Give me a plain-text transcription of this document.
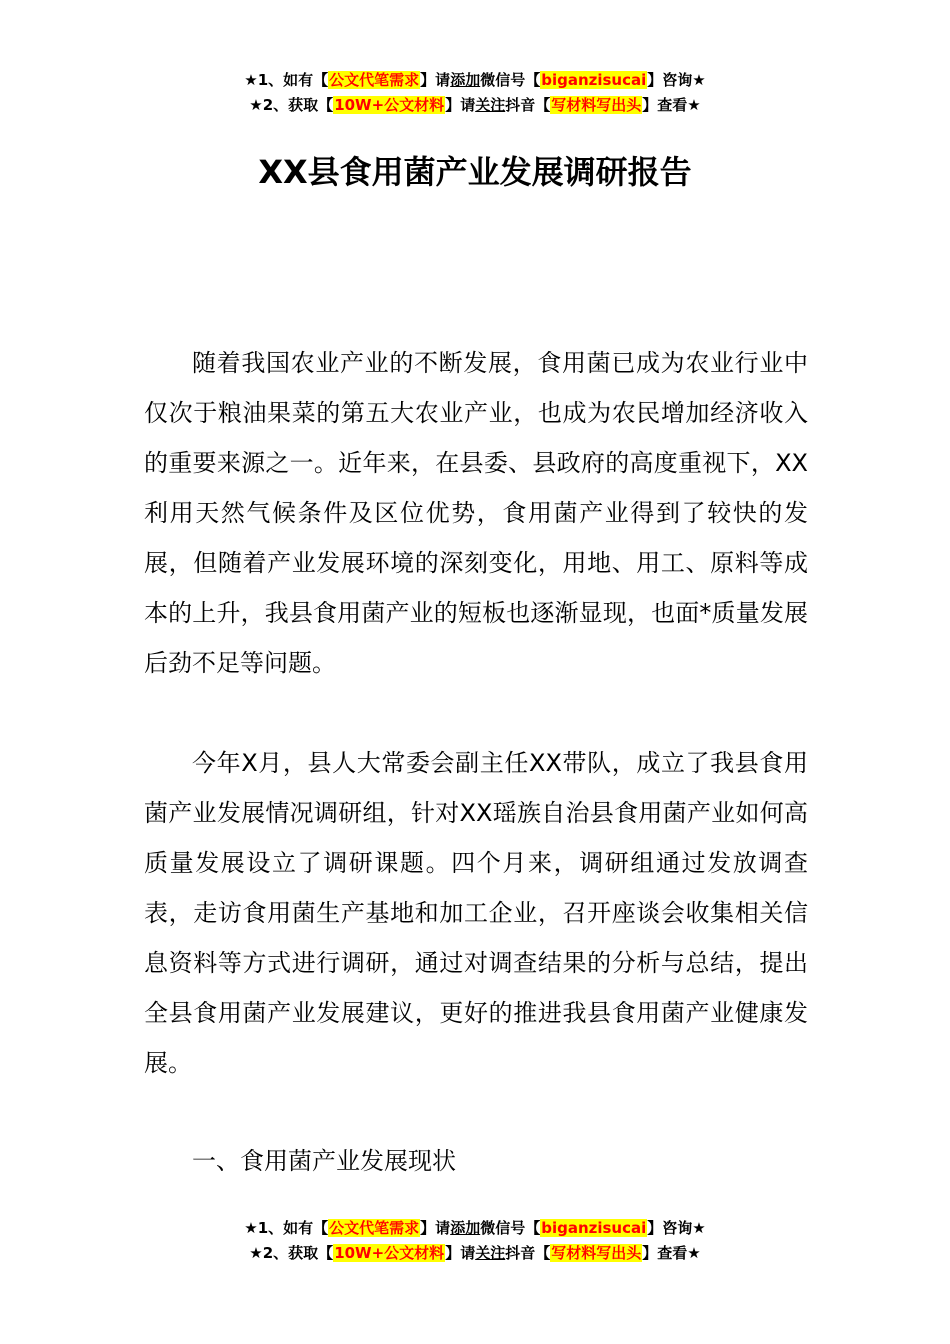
★1、如有【公文代笔需求】请添加微信号【biganzisucai】咨询★
★2、获取【10W+公文材料】请关注抖音【写材料写出头】查看★
XX县食用菌产业发展调研报告

随着我国农业产业的不断发展，食用菌已成为农业行业中仅次于粮油果菜的第五大农业产业，也成为农民增加经济收入的重要来源之一。近年来，在县委、县政府的高度重视下，XX利用天然气候条件及区位优势，食用菌产业得到了较快的发展，但随着产业发展环境的深刻变化，用地、用工、原料等成本的上升，我县食用菌产业的短板也逐渐显现，也面*质量发展后劲不足等问题。

今年X月，县人大常委会副主任XX带队，成立了我县食用菌产业发展情况调研组，针对XX瑶族自治县食用菌产业如何高质量发展设立了调研课题。四个月来，调研组通过发放调查表，走访食用菌生产基地和加工企业，召开座谈会收集相关信息资料等方式进行调研，通过对调查结果的分析与总结，提出全县食用菌产业发展建议，更好的推进我县食用菌产业健康发展。

一、食用菌产业发展现状
★1、如有【公文代笔需求】请添加微信号【biganzisucai】咨询★
★2、获取【10W+公文材料】请关注抖音【写材料写出头】查看★
